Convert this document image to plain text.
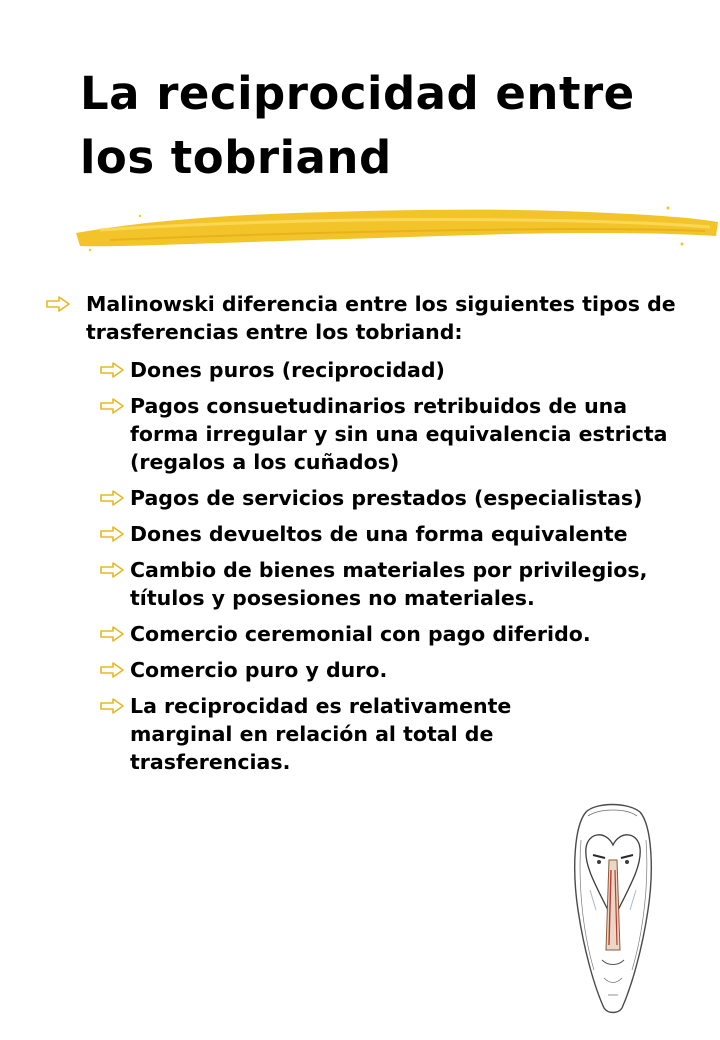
La reciprocidad entre
los tobriand
Malinowski diferencia entre los siguientes tipos de trasferencias entre los tobriand:
Dones puros (reciprocidad)
Pagos consuetudinarios retribuidos de una forma irregular y sin una equivalencia estricta (regalos a los cuñados)
Pagos de servicios prestados (especialistas)
Dones devueltos de una forma equivalente
Cambio de bienes materiales por privilegios, títulos y posesiones no materiales.
Comercio ceremonial con pago diferido.
Comercio puro y duro.
La reciprocidad es relativamente marginal en relación al total de trasferencias.
